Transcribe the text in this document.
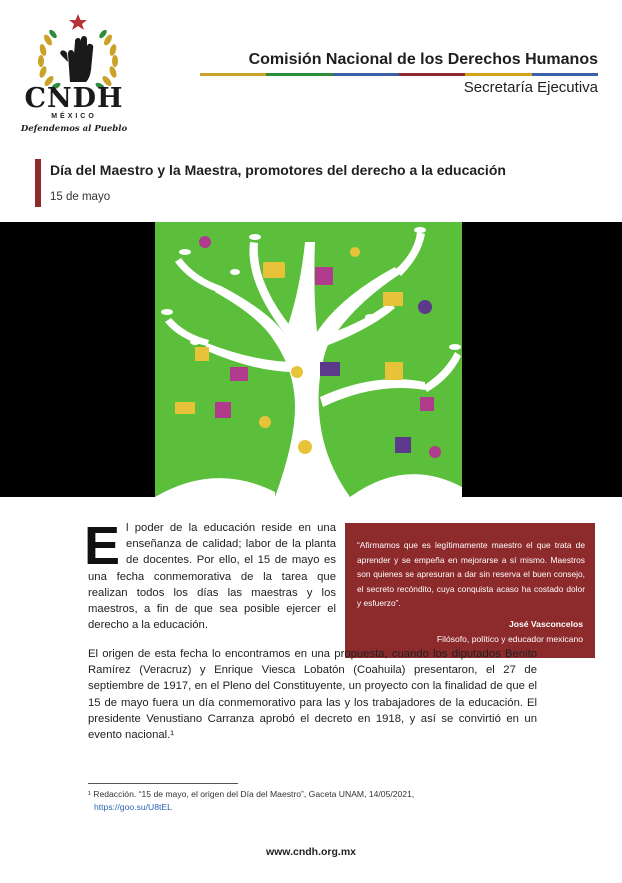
CNDH
MÉXICO
Defendemos al Pueblo
Comisión Nacional de los Derechos Humanos
Secretaría Ejecutiva
Día del Maestro y la Maestra, promotores del derecho a la educación
15 de mayo
El poder de la educación reside en una enseñanza de calidad; labor de la planta de docentes. Por ello, el 15 de mayo es una fecha conmemorativa de la tarea que realizan todos los días las maestras y los maestros, a fin de que sea posible ejercer el derecho a la educación.
“Afirmamos que es legítimamente maestro el que trata de aprender y se empeña en mejorarse a sí mismo. Maestros son quienes se apresuran a dar sin reserva el buen consejo, el secreto recóndito, cuya conquista acaso ha costado dolor y esfuerzo”.
José Vasconcelos
Filósofo, político y educador mexicano
El origen de esta fecha lo encontramos en una propuesta, cuando los diputados Benito Ramírez (Veracruz) y Enrique Viesca Lobatón (Coahuila) presentaron, el 27 de septiembre de 1917, en el Pleno del Constituyente, un proyecto con la finalidad de que el 15 de mayo fuera un día conmemorativo para las y los trabajadores de la educación. El presidente Venustiano Carranza aprobó el decreto en 1918, y así se convirtió en un evento nacional.¹
¹ Redacción. “15 de mayo, el origen del Día del Maestro”, Gaceta UNAM, 14/05/2021,
https://goo.su/U8tEL
www.cndh.org.mx
